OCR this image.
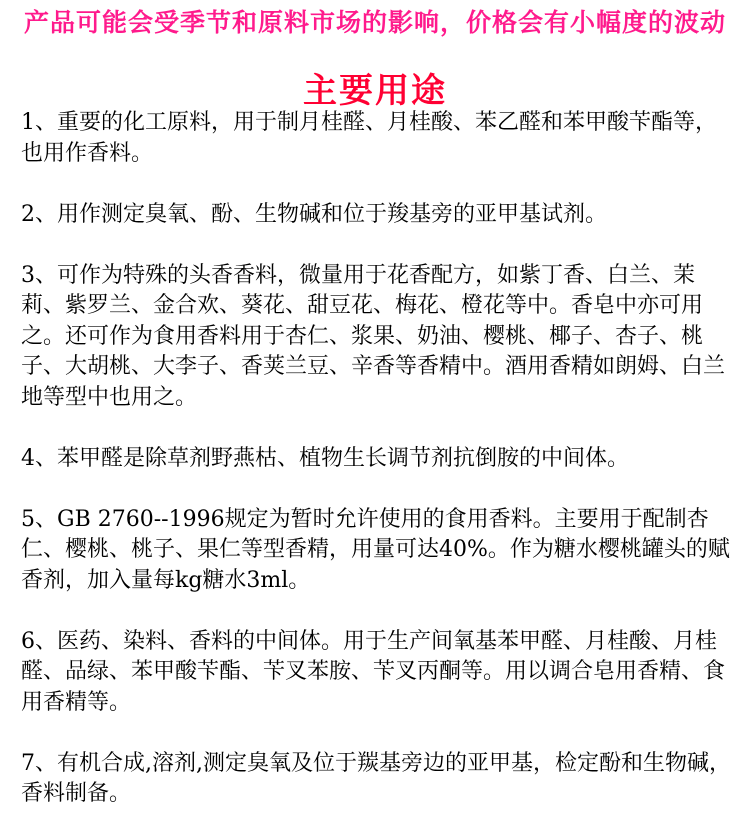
产品可能会受季节和原料市场的影响，价格会有小幅度的波动
主要用途

1、重要的化工原料，用于制月桂醛、月桂酸、苯乙醛和苯甲酸苄酯等，也用作香料。

2、用作测定臭氧、酚、生物碱和位于羧基旁的亚甲基试剂。

3、可作为特殊的头香香料，微量用于花香配方，如紫丁香、白兰、茉莉、紫罗兰、金合欢、葵花、甜豆花、梅花、橙花等中。香皂中亦可用之。还可作为食用香料用于杏仁、浆果、奶油、樱桃、椰子、杏子、桃子、大胡桃、大李子、香荚兰豆、辛香等香精中。酒用香精如朗姆、白兰地等型中也用之。

4、苯甲醛是除草剂野燕枯、植物生长调节剂抗倒胺的中间体。

5、GB 2760--1996规定为暂时允许使用的食用香料。主要用于配制杏仁、樱桃、桃子、果仁等型香精，用量可达40%。作为糖水樱桃罐头的赋香剂，加入量每kg糖水3ml。

6、医药、染料、香料的中间体。用于生产间氧基苯甲醛、月桂酸、月桂醛、品绿、苯甲酸苄酯、苄叉苯胺、苄叉丙酮等。用以调合皂用香精、食用香精等。

7、有机合成,溶剂,测定臭氧及位于羰基旁边的亚甲基，检定酚和生物碱，香料制备。
